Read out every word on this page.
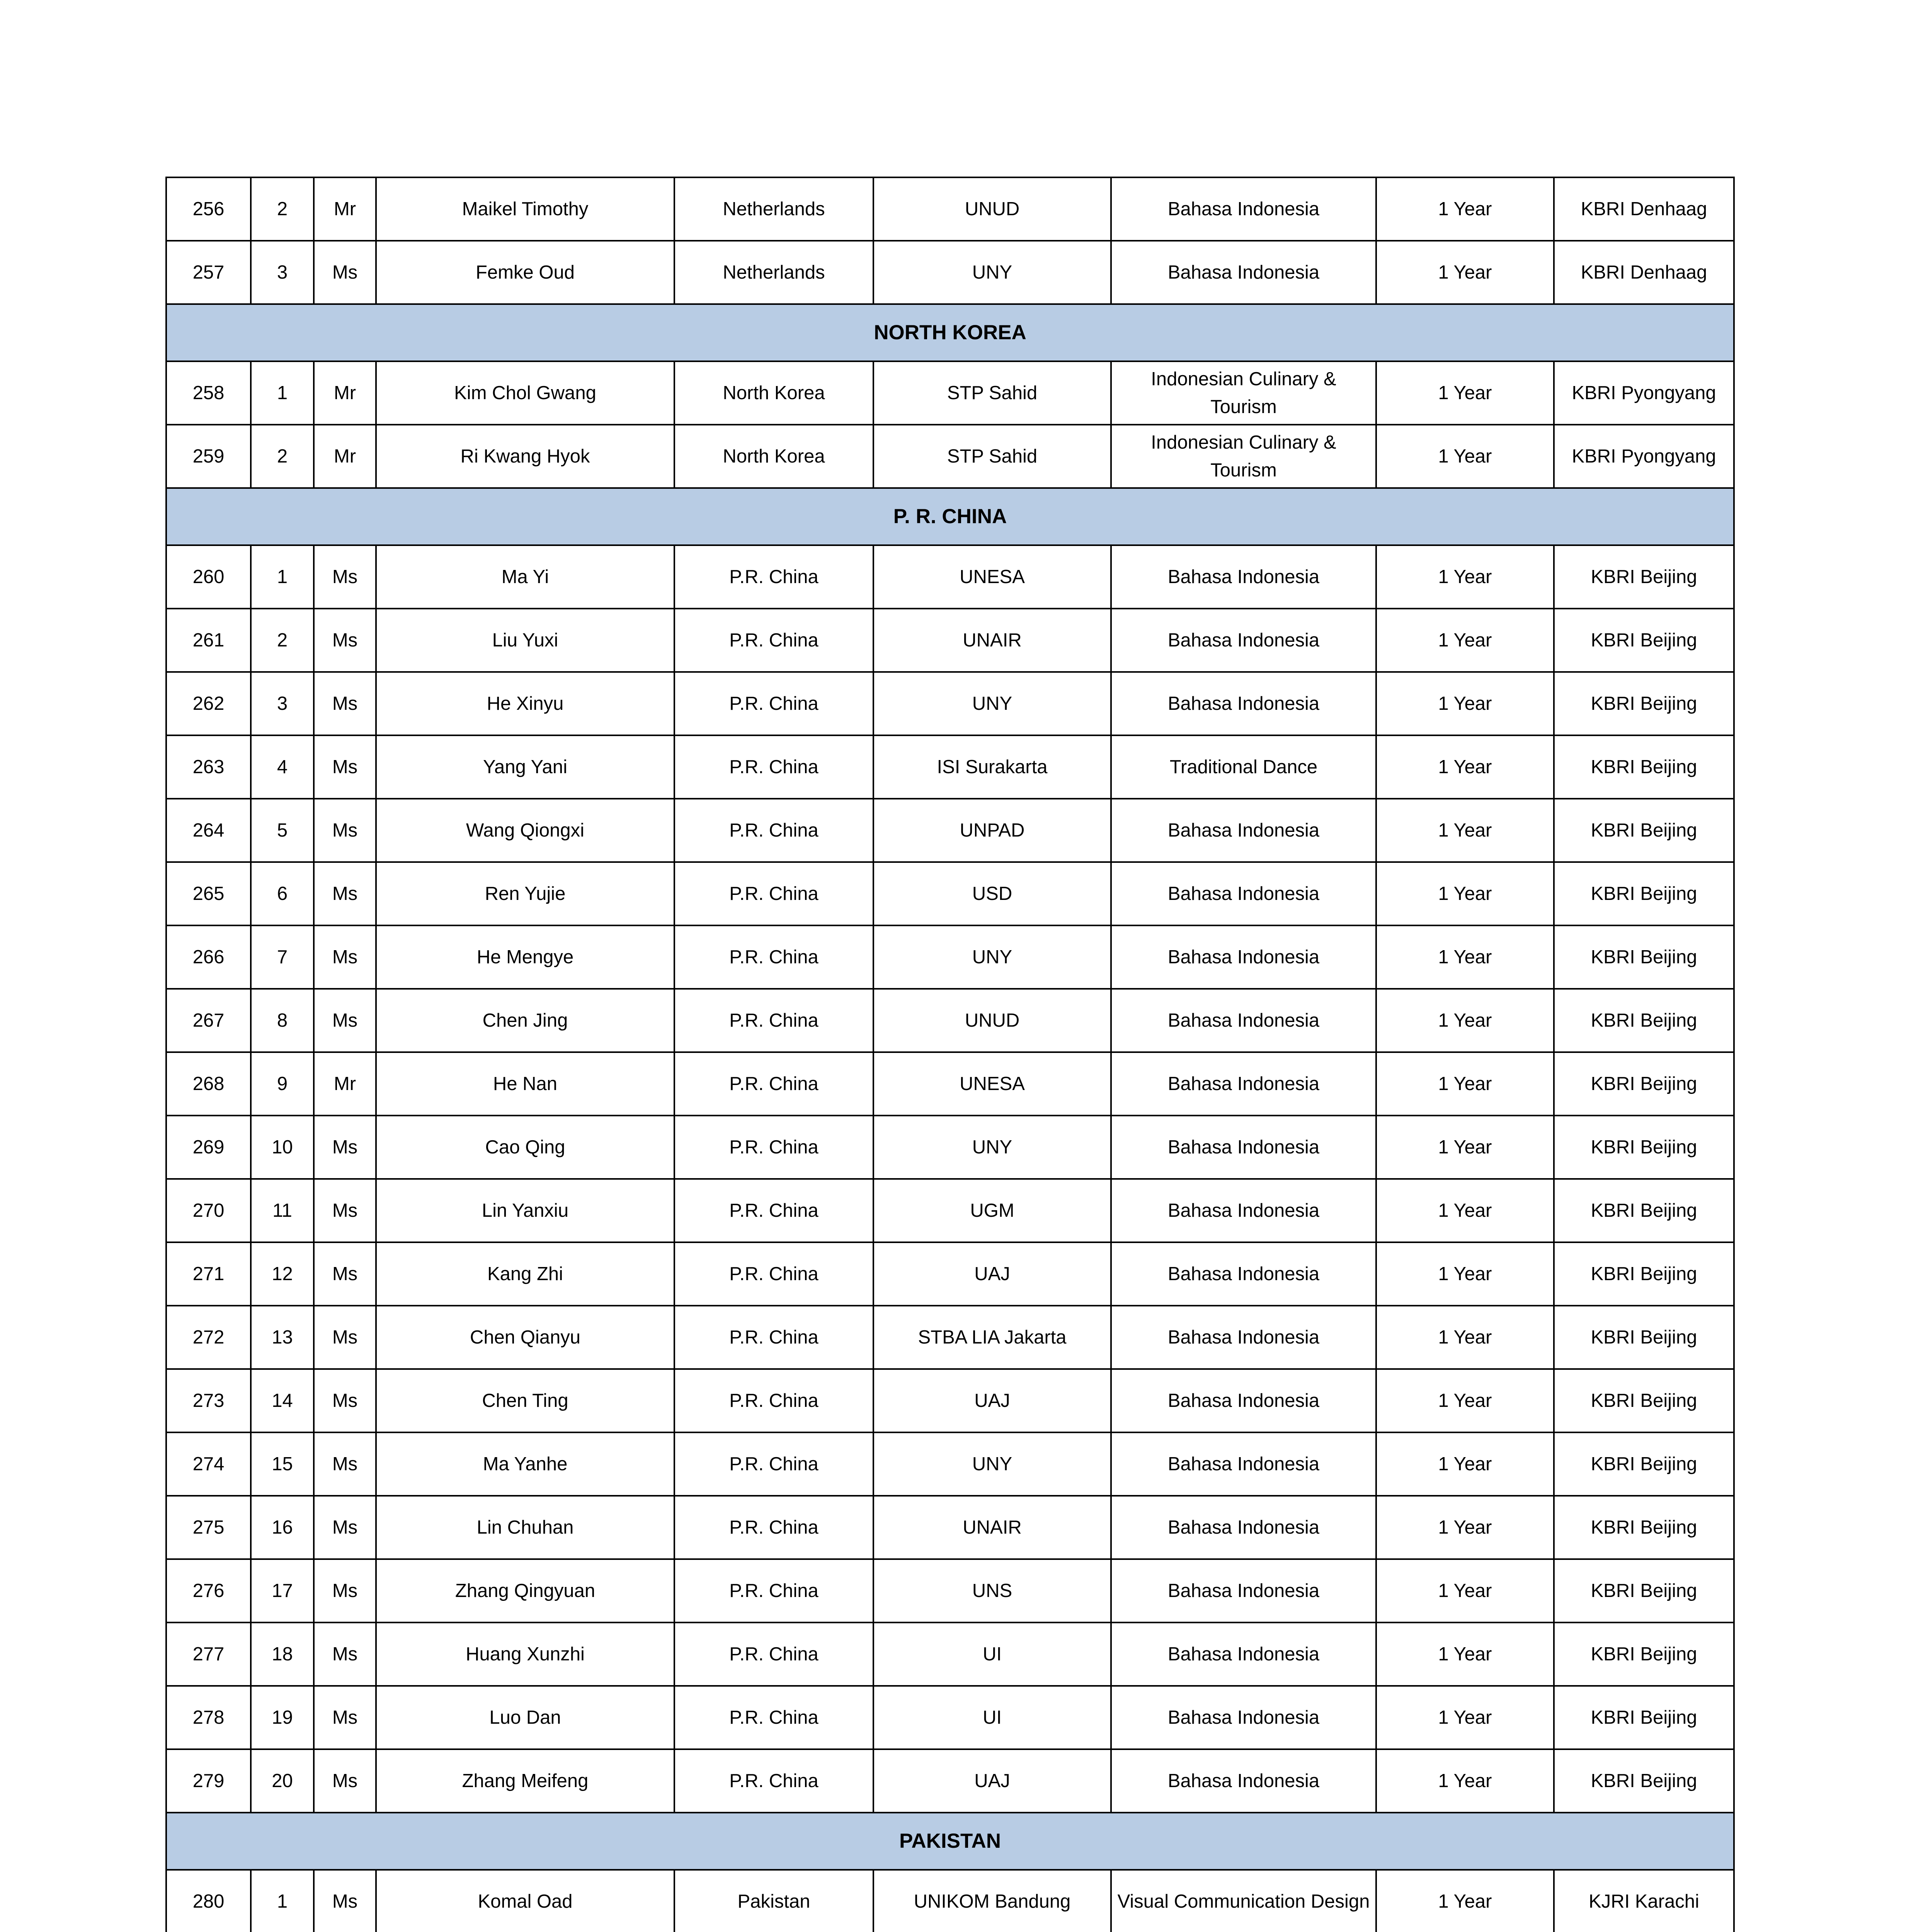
256	2	Mr	Maikel Timothy	Netherlands	UNUD	Bahasa Indonesia	1 Year	KBRI Denhaag
257	3	Ms	Femke Oud	Netherlands	UNY	Bahasa Indonesia	1 Year	KBRI Denhaag
NORTH KOREA								
258	1	Mr	Kim Chol Gwang	North Korea	STP Sahid	Indonesian Culinary & Tourism	1 Year	KBRI Pyongyang
259	2	Mr	Ri Kwang Hyok	North Korea	STP Sahid	Indonesian Culinary & Tourism	1 Year	KBRI Pyongyang
P. R. CHINA								
260	1	Ms	Ma Yi	P.R. China	UNESA	Bahasa Indonesia	1 Year	KBRI Beijing
261	2	Ms	Liu Yuxi	P.R. China	UNAIR	Bahasa Indonesia	1 Year	KBRI Beijing
262	3	Ms	He Xinyu	P.R. China	UNY	Bahasa Indonesia	1 Year	KBRI Beijing
263	4	Ms	Yang Yani	P.R. China	ISI Surakarta	Traditional Dance	1 Year	KBRI Beijing
264	5	Ms	Wang Qiongxi	P.R. China	UNPAD	Bahasa Indonesia	1 Year	KBRI Beijing
265	6	Ms	Ren Yujie	P.R. China	USD	Bahasa Indonesia	1 Year	KBRI Beijing
266	7	Ms	He Mengye	P.R. China	UNY	Bahasa Indonesia	1 Year	KBRI Beijing
267	8	Ms	Chen Jing	P.R. China	UNUD	Bahasa Indonesia	1 Year	KBRI Beijing
268	9	Mr	He Nan	P.R. China	UNESA	Bahasa Indonesia	1 Year	KBRI Beijing
269	10	Ms	Cao Qing	P.R. China	UNY	Bahasa Indonesia	1 Year	KBRI Beijing
270	11	Ms	Lin Yanxiu	P.R. China	UGM	Bahasa Indonesia	1 Year	KBRI Beijing
271	12	Ms	Kang Zhi	P.R. China	UAJ	Bahasa Indonesia	1 Year	KBRI Beijing
272	13	Ms	Chen Qianyu	P.R. China	STBA LIA Jakarta	Bahasa Indonesia	1 Year	KBRI Beijing
273	14	Ms	Chen Ting	P.R. China	UAJ	Bahasa Indonesia	1 Year	KBRI Beijing
274	15	Ms	Ma Yanhe	P.R. China	UNY	Bahasa Indonesia	1 Year	KBRI Beijing
275	16	Ms	Lin Chuhan	P.R. China	UNAIR	Bahasa Indonesia	1 Year	KBRI Beijing
276	17	Ms	Zhang Qingyuan	P.R. China	UNS	Bahasa Indonesia	1 Year	KBRI Beijing
277	18	Ms	Huang Xunzhi	P.R. China	UI	Bahasa Indonesia	1 Year	KBRI Beijing
278	19	Ms	Luo Dan	P.R. China	UI	Bahasa Indonesia	1 Year	KBRI Beijing
279	20	Ms	Zhang Meifeng	P.R. China	UAJ	Bahasa Indonesia	1 Year	KBRI Beijing
PAKISTAN								
280	1	Ms	Komal Oad	Pakistan	UNIKOM Bandung	Visual Communication Design	1 Year	KJRI Karachi
